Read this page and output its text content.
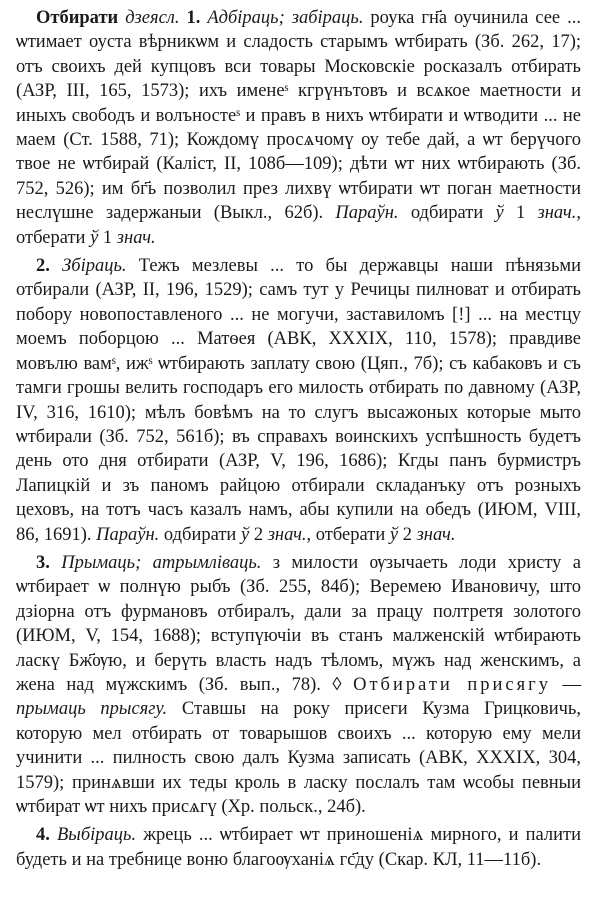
Отбирати дзеясл. 1. Адбіраць; забіраць. роука гн҃а оучинила сее ... ѡтимает оуста вѣрникѡм и сладость старымъ ѡтбирать (Зб. 262, 17); отъ своихъ дей купцовъ вси товары Московскіе росказалъ отбирать (АЗР, III, 165, 1573); ихъ именеˢ кгрүнътовъ и всѧкое маетности и иныхъ свободъ и волъностеˢ и правъ в нихъ ѡтбирати и ѡтводити ... не маем (Ст. 1588, 71); Кождомү просѧчомү оу тебе дай, а ѡт берүчого твое не ѡтбирай (Каліст, ІІ, 108б—109); дѣти ѡт них ѡтбирають (Зб. 752, 526); им бг҃ь позволил през лихвү ѡтбирати ѡт поган маетности неслүшне задержаныи (Выкл., 62б). Параўн. одбирати ў 1 знач., отберати ў 1 знач.

2. Збіраць. Тежъ мезлевы ... то бы державцы наши пѣнязьми отбирали (АЗР, II, 196, 1529); самъ тут у Речицы пилноват и отбирать побору новопоставленого ... не могучи, заставиломъ [!] ... на местцу моемъ поборцою ... Матѳея (АВК, XXXIX, 110, 1578); правдиве мовълю вамˢ, ижˢ ѡтбирають заплату свою (Цяп., 7б); съ кабаковъ и съ тамги грошы велить господаръ его милость отбирать по давному (АЗР, IV, 316, 1610); мѣлъ бовѣмъ на то слугъ высажоных которые мыто ѡтбирали (Зб. 752, 561б); въ справахъ воинскихъ успѣшность будетъ день ото дня отбирати (АЗР, V, 196, 1686); Кгды панъ бурмистръ Лапицкій и зъ паномъ райцою отбирали складанъку отъ розныхъ цеховъ, на тотъ часъ казалъ намъ, абы купили на обедъ (ИЮМ, VIII, 86, 1691). Параўн. одбирати ў 2 знач., отберати ў 2 знач.

3. Прымаць; атрымліваць. з милости ѹзычаеть лоди христу а ѡтбирает ѡ полнүю рыбъ (Зб. 255, 84б); Веремею Ивановичу, што дзіорна отъ фурмановъ отбиралъ, дали за працу полтретя золотого (ИЮМ, V, 154, 1688); вступүючіи въ станъ малженскій ѡтбирають ласкү Бж҃ѹю, и берүть власть надъ тѣломъ, мүжъ над женскимъ, а жена над мүжскимъ (Зб. вып., 78). ◊ Отбирати присягу — прымаць прысягу. Ставшы на року присеги Кузма Грицковичь, которую мел отбирать от товарышов своихъ ... которую ему мели учинити ... пилность свою далъ Кузма записать (АВК, XXXIX, 304, 1579); принѧвши их теды кроль в ласку послалъ там ѡсобы певныи ѡтбират ѡт нихъ присѧгү (Хр. польск., 24б).

4. Выбіраць. жрець ... ѡтбирает ѡт приношеніѧ мирного, и палити будеть и на требнице воню благоѹханіѧ гс҃ду (Скар. КЛ, 11—11б).
